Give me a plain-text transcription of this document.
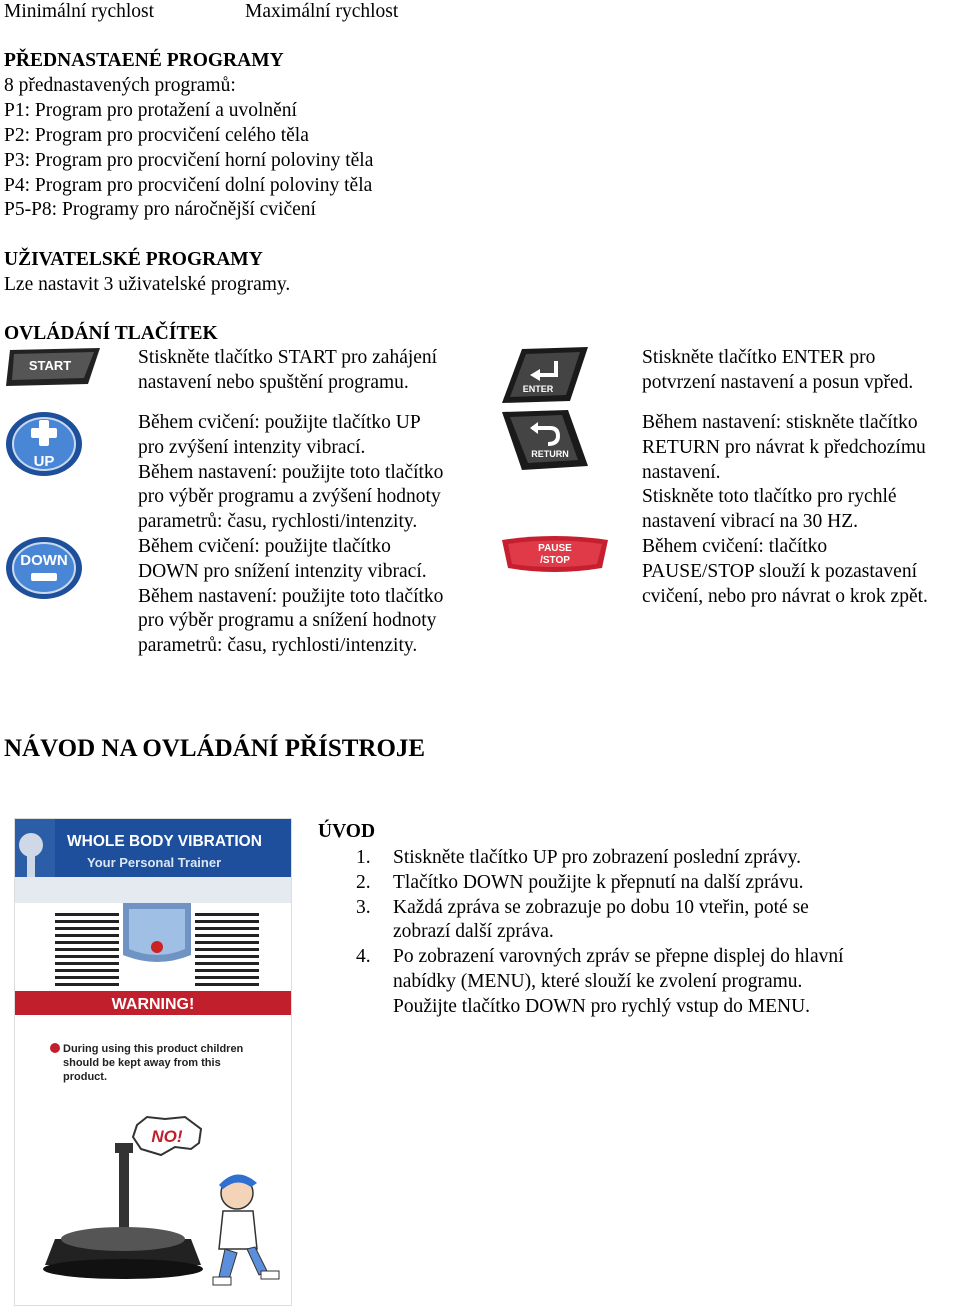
Minimální rychlost	Maximální rychlost
PŘEDNASTAENÉ PROGRAMY
8 přednastavených programů:
P1: Program pro protažení a uvolnění
P2: Program pro procvičení celého těla
P3: Program pro procvičení horní poloviny těla
P4: Program pro procvičení dolní poloviny těla
P5-P8: Programy pro náročnější cvičení
UŽIVATELSKÉ PROGRAMY
Lze nastavit 3 uživatelské programy.
OVLÁDÁNÍ TLAČÍTEK
START
UP
DOWN
Stiskněte tlačítko START pro zahájení
nastavení nebo spuštění programu.
Během cvičení: použijte tlačítko UP
pro zvýšení intenzity vibrací.
Během nastavení: použijte toto tlačítko
pro výběr programu a zvýšení hodnoty
parametrů: času, rychlosti/intenzity.
Během cvičení: použijte tlačítko
DOWN pro snížení intenzity vibrací.
Během nastavení: použijte toto tlačítko
pro výběr programu a snížení hodnoty
parametrů: času, rychlosti/intenzity.
ENTER
RETURN
PAUSE
/STOP
Stiskněte tlačítko ENTER pro
potvrzení nastavení a posun vpřed.
Během nastavení: stiskněte tlačítko
RETURN pro návrat k předchozímu
nastavení.
Stiskněte toto tlačítko pro rychlé
nastavení vibrací na 30 HZ.
Během cvičení: tlačítko
PAUSE/STOP slouží k pozastavení
cvičení, nebo pro návrat o krok zpět.
NÁVOD NA OVLÁDÁNÍ PŘÍSTROJE
WHOLE BODY VIBRATION
Your Personal Trainer
WARNING!
During using this product children
should be kept away from this
product.
NO!
ÚVOD
1. Stiskněte tlačítko UP pro zobrazení poslední zprávy.
2. Tlačítko DOWN použijte k přepnutí na další zprávu.
3. Každá zpráva se zobrazuje po dobu 10 vteřin, poté se
zobrazí další zpráva.
4. Po zobrazení varovných zpráv se přepne displej do hlavní
nabídky (MENU), které slouží ke zvolení programu.
Použijte tlačítko DOWN pro rychlý vstup do MENU.
